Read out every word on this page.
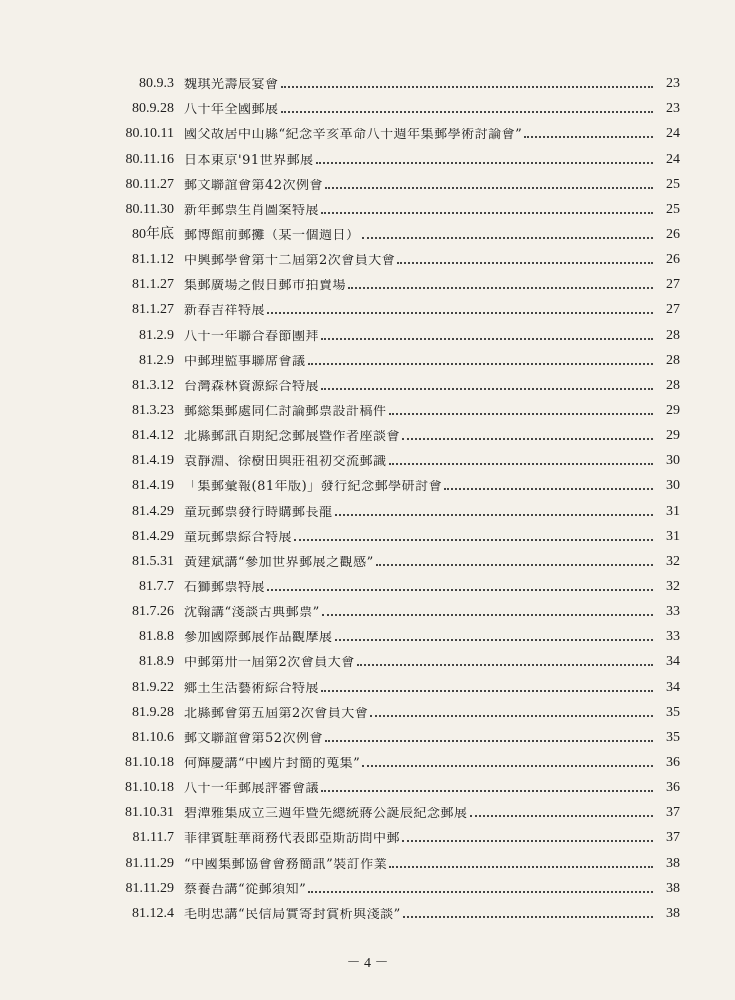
80.9.3 魏琪光壽辰宴會	23
80.9.28 八十年全國郵展	23
80.10.11 國父故居中山縣“紀念辛亥革命八十週年集郵學術討論會”	24
80.11.16 日本東京'91世界郵展	24
80.11.27 郵文聯誼會第42次例會	25
80.11.30 新年郵票生肖圖案特展	25
80年底 郵博館前郵攤（某一個週日）	26
81.1.12 中興郵學會第十二屆第2次會員大會	26
81.1.27 集郵廣場之假日郵市拍賣場	27
81.1.27 新春吉祥特展	27
81.2.9 八十一年聯合春節團拜	28
81.2.9 中郵理監事聯席會議	28
81.3.12 台灣森林資源綜合特展	28
81.3.23 郵総集郵處同仁討論郵票設計稿件	29
81.4.12 北縣郵訊百期紀念郵展暨作者座談會	29
81.4.19 袁靜淵、徐樹田與莊祖初交流郵識	30
81.4.19 「集郵彙報(81年版)」發行紀念郵學研討會	30
81.4.29 童玩郵票發行時購郵長龍	31
81.4.29 童玩郵票綜合特展	31
81.5.31 黃建斌講“參加世界郵展之觀感”	32
81.7.7 石獅郵票特展	32
81.7.26 沈翰講“淺談古典郵票”	33
81.8.8 參加國際郵展作品觀摩展	33
81.8.9 中郵第卅一屆第2次會員大會	34
81.9.22 鄉土生活藝術綜合特展	34
81.9.28 北縣郵會第五屆第2次會員大會	35
81.10.6 郵文聯誼會第52次例會	35
81.10.18 何輝慶講“中國片封簡的蒐集”	36
81.10.18 八十一年郵展評審會議	36
81.10.31 碧潭雅集成立三週年暨先總統蔣公誕辰紀念郵展	37
81.11.7 菲律賓駐華商務代表郎亞斯訪問中郵	37
81.11.29 “中國集郵協會會務簡訊”裝訂作業	38
81.11.29 蔡養吾講“從郵須知”	38
81.12.4 毛明忠講“民信局實寄封賞析與淺談”	38
－ 4 －
